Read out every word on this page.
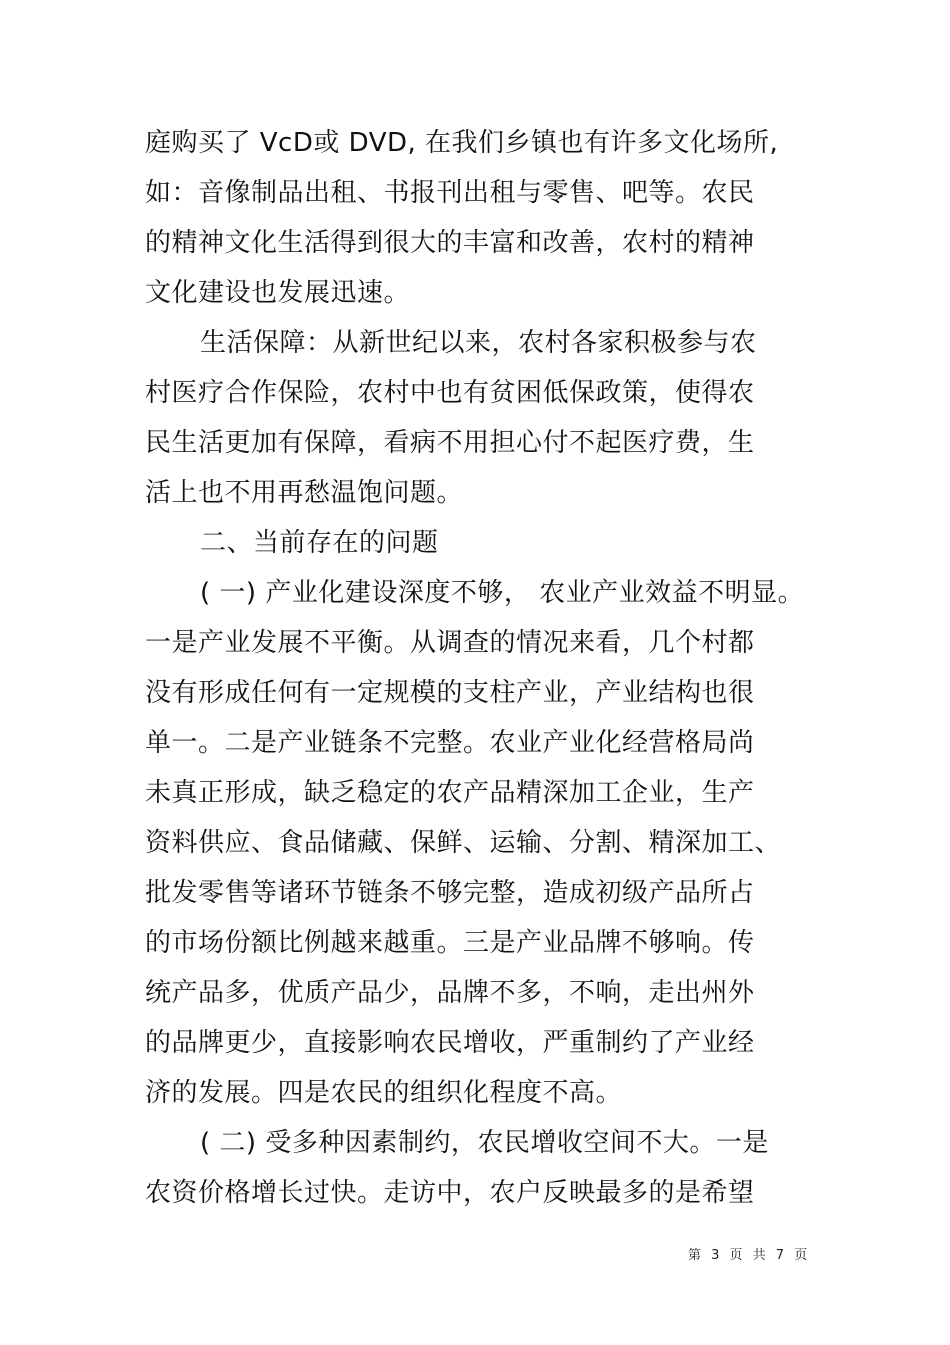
庭购买了 VcD或 DVD, 在我们乡镇也有许多文化场所,
如：音像制品出租、书报刊出租与零售、吧等。农民
的精神文化生活得到很大的丰富和改善，农村的精神
文化建设也发展迅速。
生活保障：从新世纪以来，农村各家积极参与农
村医疗合作保险，农村中也有贫困低保政策，使得农
民生活更加有保障，看病不用担心付不起医疗费，生
活上也不用再愁温饱问题。
二、当前存在的问题
( 一) 产业化建设深度不够， 农业产业效益不明显。
一是产业发展不平衡。从调查的情况来看，几个村都
没有形成任何有一定规模的支柱产业，产业结构也很
单一。二是产业链条不完整。农业产业化经营格局尚
未真正形成，缺乏稳定的农产品精深加工企业，生产
资料供应、食品储藏、保鲜、运输、分割、精深加工、
批发零售等诸环节链条不够完整，造成初级产品所占
的市场份额比例越来越重。三是产业品牌不够响。传
统产品多，优质产品少，品牌不多，不响，走出州外
的品牌更少，直接影响农民增收，严重制约了产业经
济的发展。四是农民的组织化程度不高。
( 二) 受多种因素制约，农民增收空间不大。一是
农资价格增长过快。走访中，农户反映最多的是希望
第 3 页 共 7 页
